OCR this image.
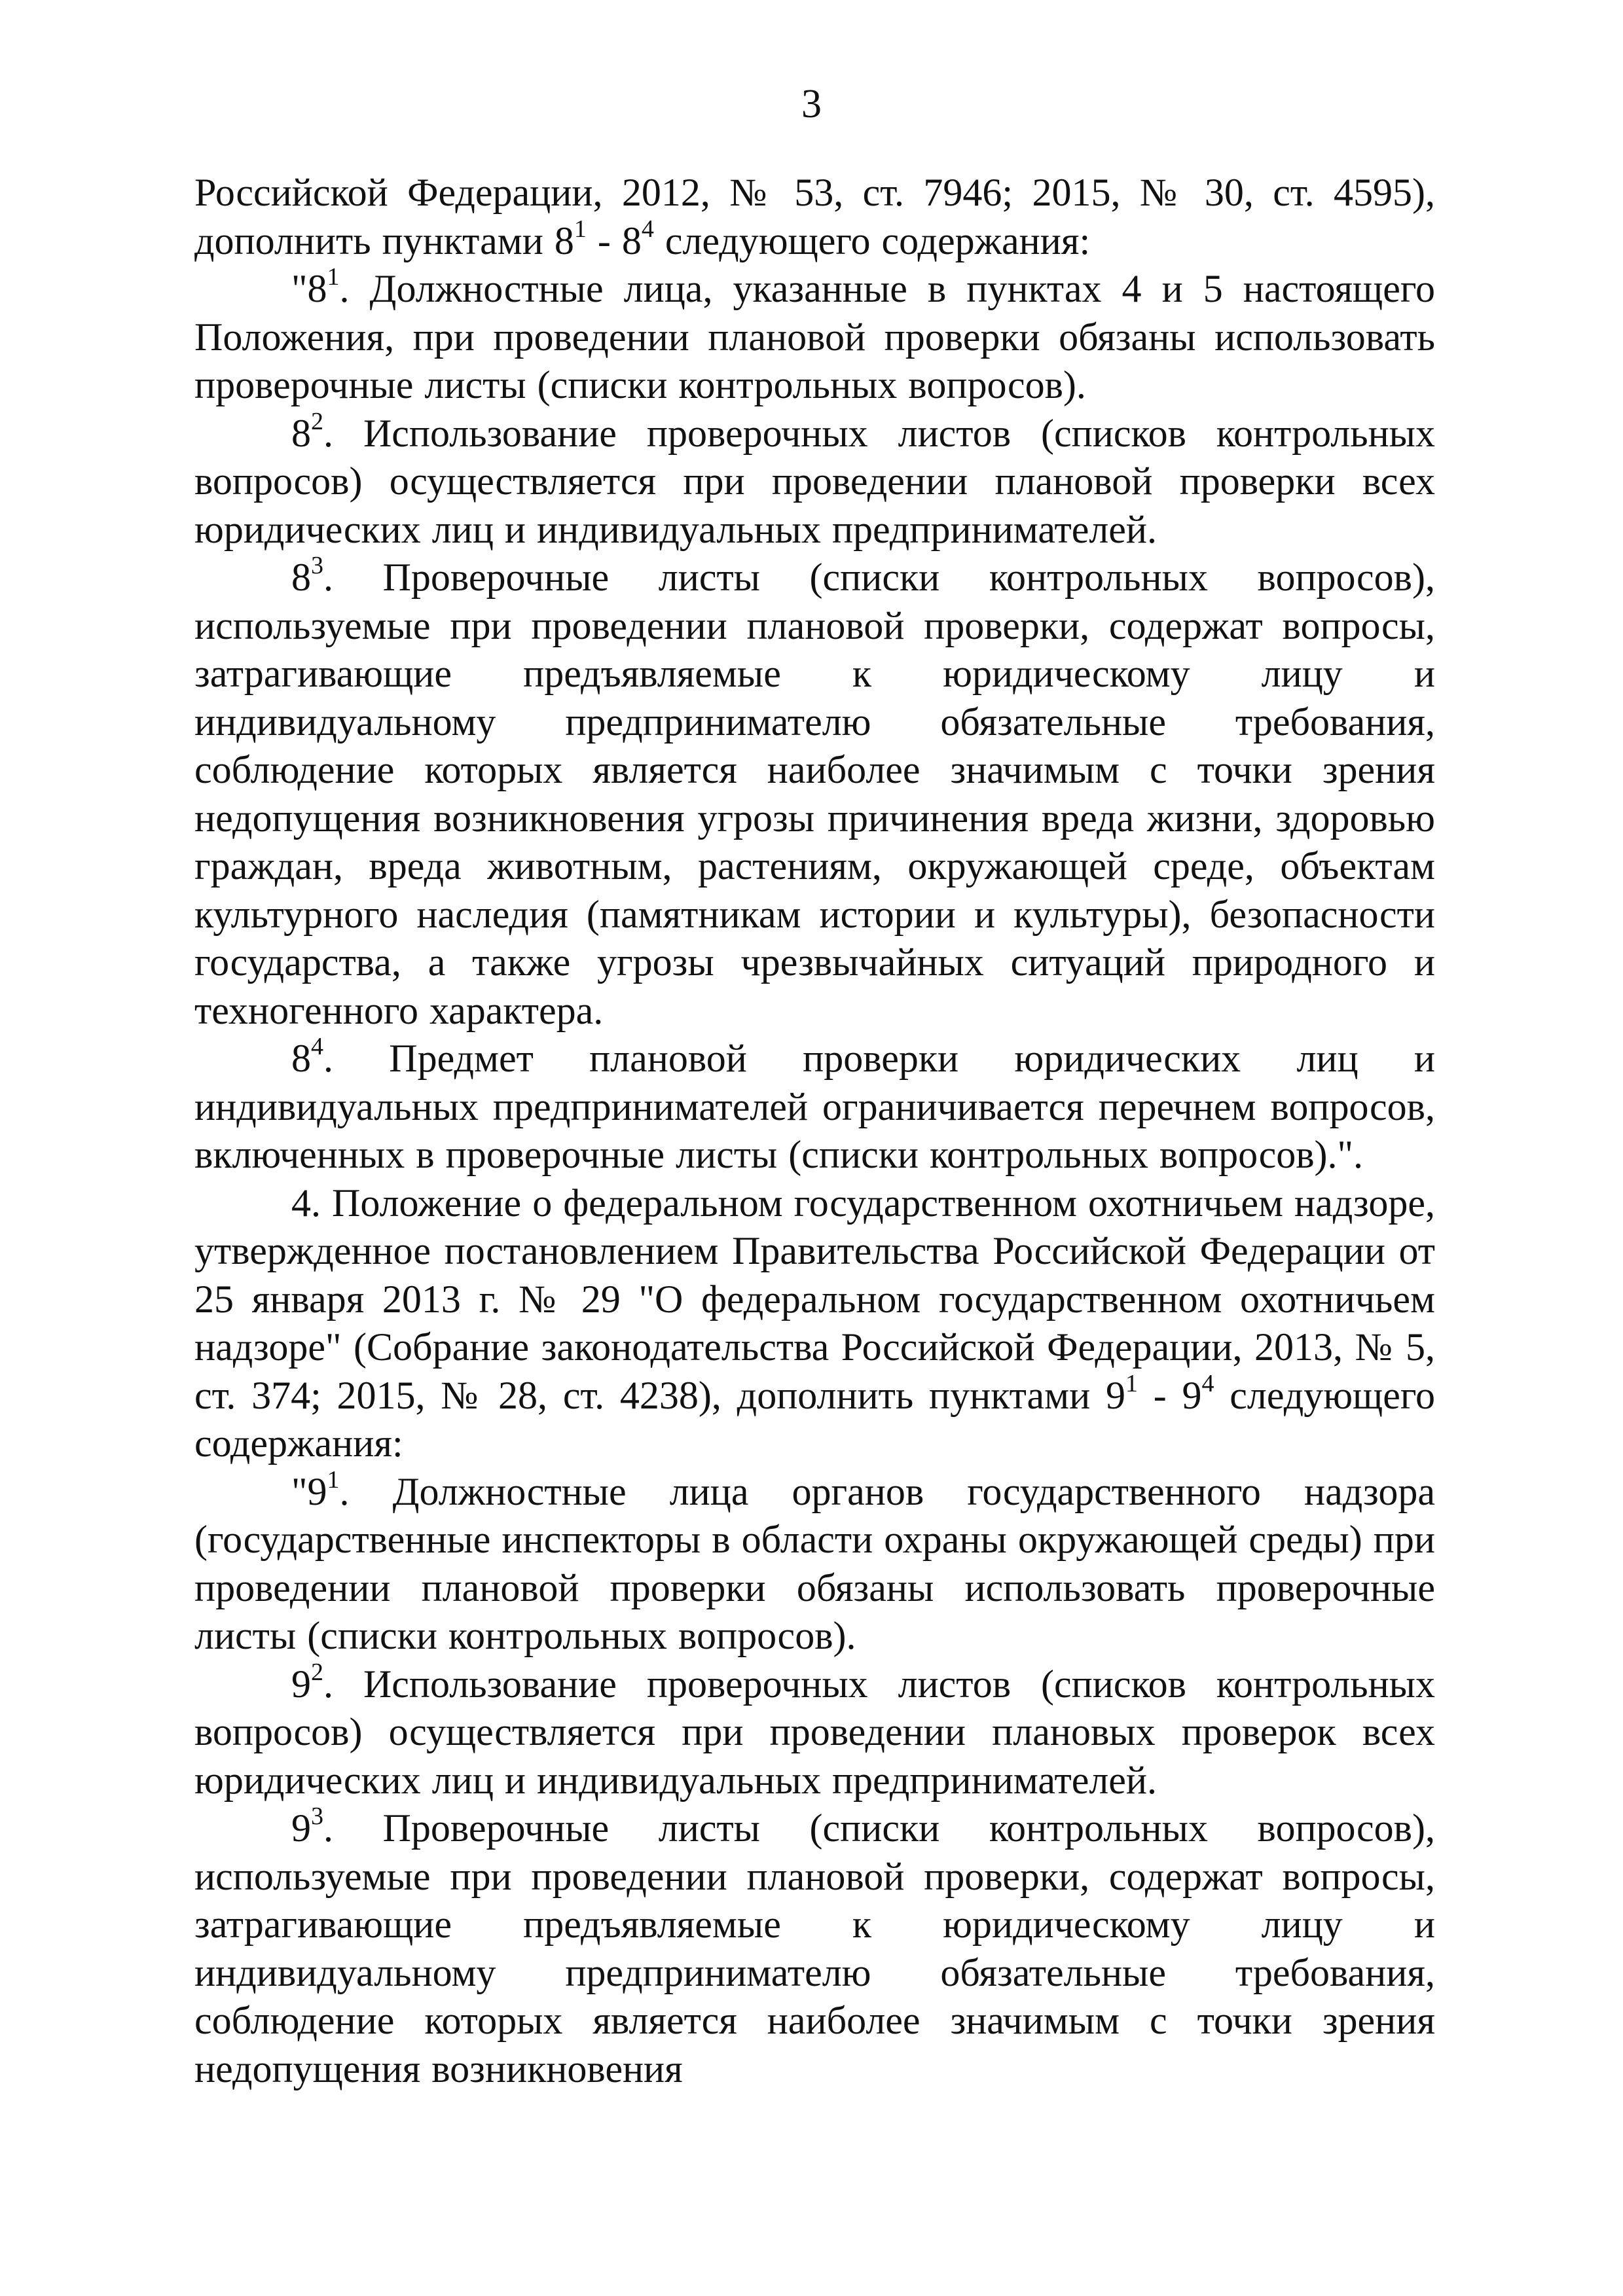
3

Российской Федерации, 2012, № 53, ст. 7946; 2015, № 30, ст. 4595), дополнить пунктами $8^1 - 8^4$ следующего содержания:

"$8^1$. Должностные лица, указанные в пунктах 4 и 5 настоящего Положения, при проведении плановой проверки обязаны использовать проверочные листы (списки контрольных вопросов).

$8^2$. Использование проверочных листов (списков контрольных вопросов) осуществляется при проведении плановой проверки всех юридических лиц и индивидуальных предпринимателей.

$8^3$. Проверочные листы (списки контрольных вопросов), используемые при проведении плановой проверки, содержат вопросы, затрагивающие предъявляемые к юридическому лицу и индивидуальному предпринимателю обязательные требования, соблюдение которых является наиболее значимым с точки зрения недопущения возникновения угрозы причинения вреда жизни, здоровью граждан, вреда животным, растениям, окружающей среде, объектам культурного наследия (памятникам истории и культуры), безопасности государства, а также угрозы чрезвычайных ситуаций природного и техногенного характера.

$8^4$. Предмет плановой проверки юридических лиц и индивидуальных предпринимателей ограничивается перечнем вопросов, включенных в проверочные листы (списки контрольных вопросов).".

4. Положение о федеральном государственном охотничьем надзоре, утвержденное постановлением Правительства Российской Федерации от 25 января 2013 г. № 29 "О федеральном государственном охотничьем надзоре" (Собрание законодательства Российской Федерации, 2013, № 5, ст. 374; 2015, № 28, ст. 4238), дополнить пунктами $9^1 - 9^4$ следующего содержания:

"$9^1$. Должностные лица органов государственного надзора (государственные инспекторы в области охраны окружающей среды) при проведении плановой проверки обязаны использовать проверочные листы (списки контрольных вопросов).

$9^2$. Использование проверочных листов (списков контрольных вопросов) осуществляется при проведении плановых проверок всех юридических лиц и индивидуальных предпринимателей.

$9^3$. Проверочные листы (списки контрольных вопросов), используемые при проведении плановой проверки, содержат вопросы, затрагивающие предъявляемые к юридическому лицу и индивидуальному предпринимателю обязательные требования, соблюдение которых является наиболее значимым с точки зрения недопущения возникновения
